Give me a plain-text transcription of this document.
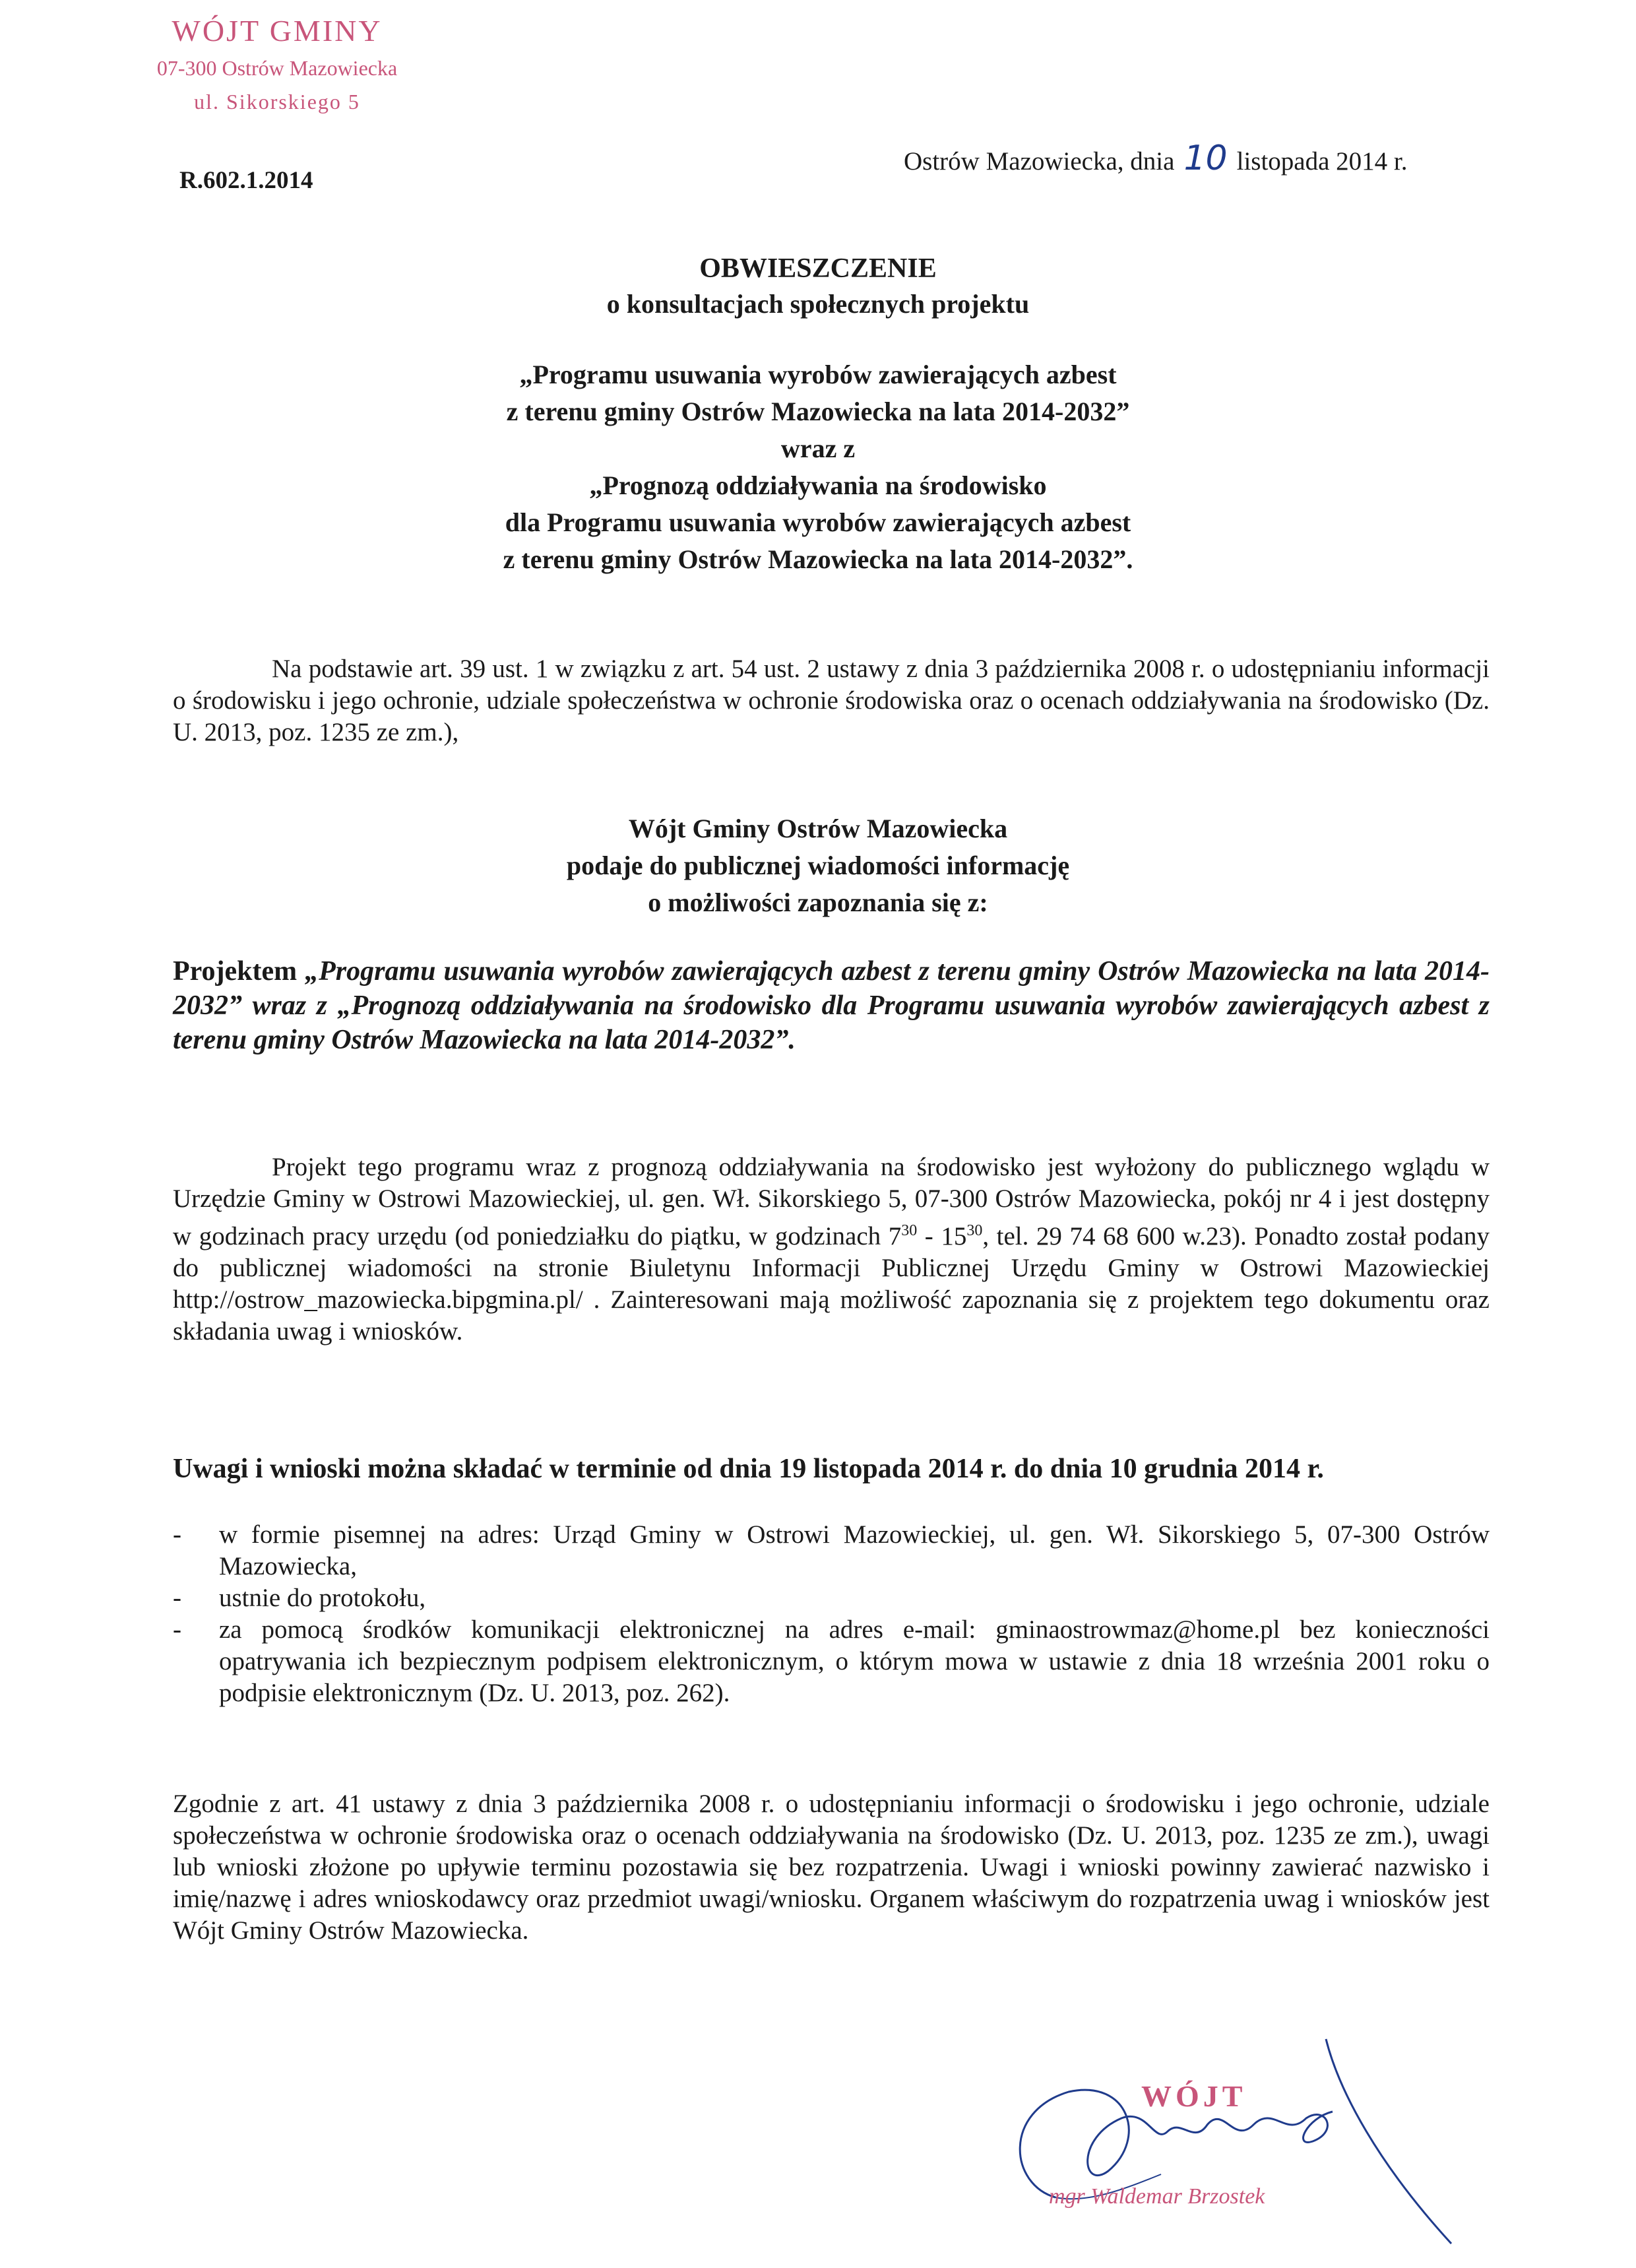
WÓJT GMINY
07-300 Ostrów Mazowiecka
ul. Sikorskiego 5
R.602.1.2014
Ostrów Mazowiecka, dnia 10 listopada 2014 r.
OBWIESZCZENIE
o konsultacjach społecznych projektu
„Programu usuwania wyrobów zawierających azbest
z terenu gminy Ostrów Mazowiecka na lata 2014-2032”
wraz z
„Prognozą oddziaływania na środowisko
dla Programu usuwania wyrobów zawierających azbest
z terenu gminy Ostrów Mazowiecka na lata 2014-2032”.
Na podstawie art. 39 ust. 1 w związku z art. 54 ust. 2 ustawy z dnia 3 października 2008 r. o udostępnianiu informacji o środowisku i jego ochronie, udziale społeczeństwa w ochronie środowiska oraz o ocenach oddziaływania na środowisko (Dz. U. 2013, poz. 1235 ze zm.),
Wójt Gminy Ostrów Mazowiecka
podaje do publicznej wiadomości informację
o możliwości zapoznania się z:
Projektem „Programu usuwania wyrobów zawierających azbest z terenu gminy Ostrów Mazowiecka na lata 2014-2032” wraz z „Prognozą oddziaływania na środowisko dla Programu usuwania wyrobów zawierających azbest z terenu gminy Ostrów Mazowiecka na lata 2014-2032”.
Projekt tego programu wraz z prognozą oddziaływania na środowisko jest wyłożony do publicznego wglądu w Urzędzie Gminy w Ostrowi Mazowieckiej, ul. gen. Wł. Sikorskiego 5, 07-300 Ostrów Mazowiecka, pokój nr 4 i jest dostępny w godzinach pracy urzędu (od poniedziałku do piątku, w godzinach $7^{30} - 15^{30}$, tel. 29 74 68 600 w.23). Ponadto został podany do publicznej wiadomości na stronie Biuletynu Informacji Publicznej Urzędu Gminy w Ostrowi Mazowieckiej http://ostrow_mazowiecka.bipgmina.pl/ . Zainteresowani mają możliwość zapoznania się z projektem tego dokumentu oraz składania uwag i wniosków.
Uwagi i wnioski można składać w terminie od dnia 19 listopada 2014 r. do dnia 10 grudnia 2014 r.
- w formie pisemnej na adres: Urząd Gminy w Ostrowi Mazowieckiej, ul. gen. Wł. Sikorskiego 5, 07-300 Ostrów Mazowiecka,
- ustnie do protokołu,
- za pomocą środków komunikacji elektronicznej na adres e-mail: gminaostrowmaz@home.pl bez konieczności opatrywania ich bezpiecznym podpisem elektronicznym, o którym mowa w ustawie z dnia 18 września 2001 roku o podpisie elektronicznym (Dz. U. 2013, poz. 262).
Zgodnie z art. 41 ustawy z dnia 3 października 2008 r. o udostępnianiu informacji o środowisku i jego ochronie, udziale społeczeństwa w ochronie środowiska oraz o ocenach oddziaływania na środowisko (Dz. U. 2013, poz. 1235 ze zm.), uwagi lub wnioski złożone po upływie terminu pozostawia się bez rozpatrzenia. Uwagi i wnioski powinny zawierać nazwisko i imię/nazwę i adres wnioskodawcy oraz przedmiot uwagi/wniosku. Organem właściwym do rozpatrzenia uwag i wniosków jest Wójt Gminy Ostrów Mazowiecka.
WÓJT
mgr Waldemar Brzostek
